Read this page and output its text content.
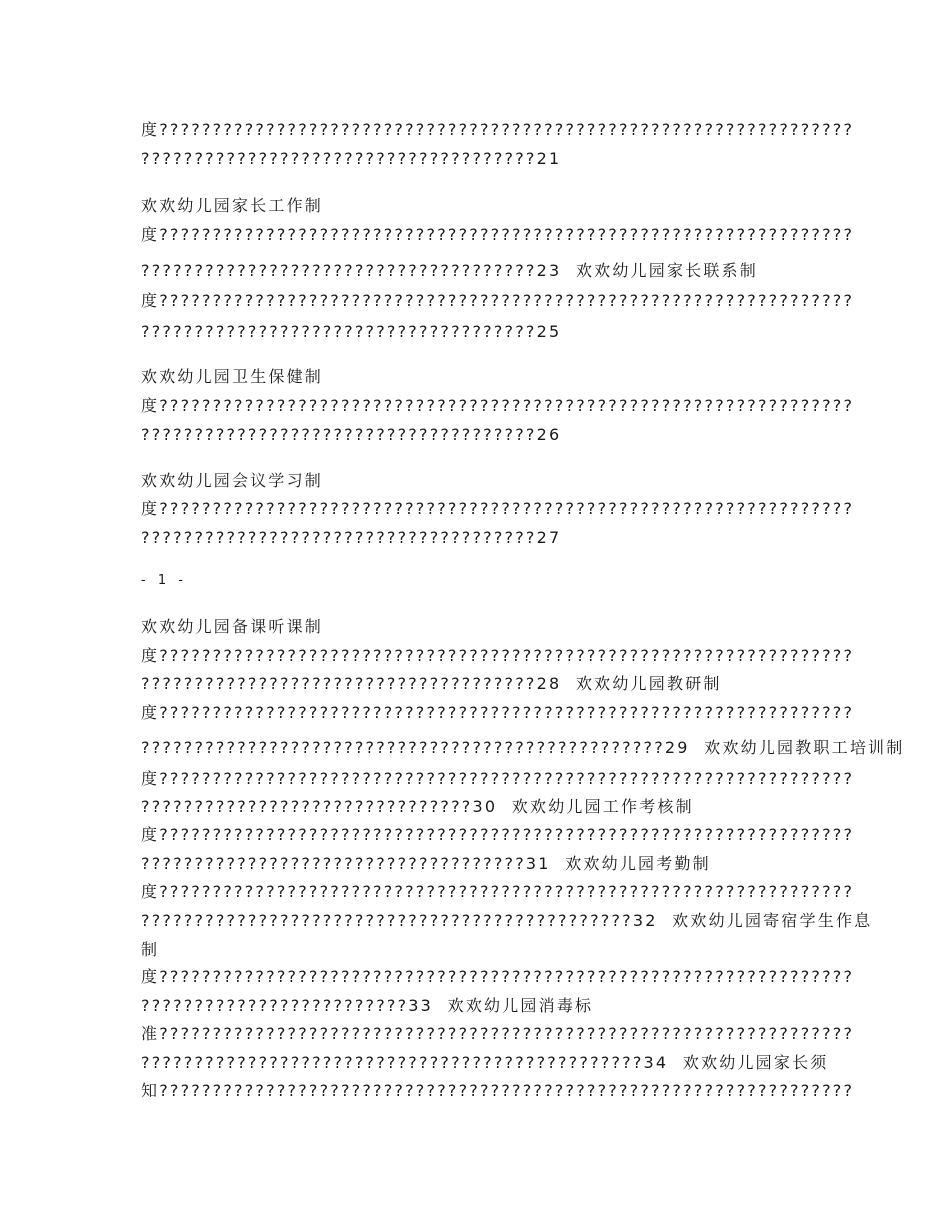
度?????????????????????????????????????????????????????????????????
?????????????????????????????????????21
欢欢幼儿园家长工作制
度?????????????????????????????????????????????????????????????????
?????????????????????????????????????23  欢欢幼儿园家长联系制
度?????????????????????????????????????????????????????????????????
?????????????????????????????????????25
欢欢幼儿园卫生保健制
度?????????????????????????????????????????????????????????????????
?????????????????????????????????????26
欢欢幼儿园会议学习制
度?????????????????????????????????????????????????????????????????
?????????????????????????????????????27
- 1 -
欢欢幼儿园备课听课制
度?????????????????????????????????????????????????????????????????
?????????????????????????????????????28  欢欢幼儿园教研制
度?????????????????????????????????????????????????????????????????
?????????????????????????????????????????????????29  欢欢幼儿园教职工培训制
度?????????????????????????????????????????????????????????????????
???????????????????????????????30  欢欢幼儿园工作考核制
度?????????????????????????????????????????????????????????????????
????????????????????????????????????31  欢欢幼儿园考勤制
度?????????????????????????????????????????????????????????????????
??????????????????????????????????????????????32  欢欢幼儿园寄宿学生作息
制
度?????????????????????????????????????????????????????????????????
?????????????????????????33  欢欢幼儿园消毒标
准?????????????????????????????????????????????????????????????????
???????????????????????????????????????????????34  欢欢幼儿园家长须
知?????????????????????????????????????????????????????????????????
